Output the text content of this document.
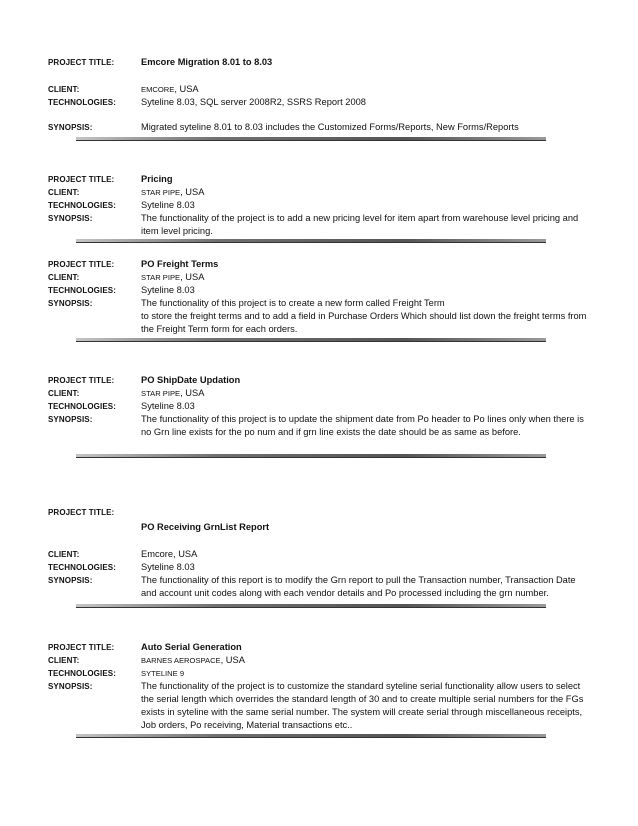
PROJECT TITLE:	Emcore Migration 8.01 to 8.03
CLIENT:	EMCORE, USA
TECHNOLOGIES:	Syteline 8.03, SQL server 2008R2, SSRS Report 2008
SYNOPSIS:	Migrated syteline 8.01 to 8.03 includes the Customized Forms/Reports, New Forms/Reports
PROJECT TITLE:	Pricing
CLIENT:	STAR PIPE, USA
TECHNOLOGIES:	Syteline 8.03
SYNOPSIS:	The functionality of the project is to add a new pricing level for item apart from warehouse level pricing and item level pricing.
PROJECT TITLE:	PO Freight Terms
CLIENT:	STAR PIPE, USA
TECHNOLOGIES:	Syteline 8.03
SYNOPSIS:	The functionality of this project is to create a new form called Freight Term
to store the freight terms and to add a field in Purchase Orders Which should list down the freight terms from the Freight Term form for each orders.
PROJECT TITLE:	PO ShipDate Updation
CLIENT:	STAR PIPE, USA
TECHNOLOGIES:	Syteline 8.03
SYNOPSIS:	The functionality of this project is to update the shipment date from Po header to Po lines only when there is no Grn line exists for the po num and if grn line exists the date should be as same as before.
PROJECT TITLE:
PO Receiving GrnList Report
CLIENT:	Emcore, USA
TECHNOLOGIES:	Syteline 8.03
SYNOPSIS:	The functionality of this report is to modify the Grn report to pull the Transaction number, Transaction Date and account unit codes along with each vendor details and Po processed including the grn number.
PROJECT TITLE:	Auto Serial Generation
CLIENT:	BARNES AEROSPACE, USA
TECHNOLOGIES:	SYTELINE 9
SYNOPSIS:	The functionality of the project is to customize the standard syteline serial functionality allow users to select the serial length which overrides the standard length of 30 and to create multiple serial numbers for the FGs exists in syteline with the same serial number. The system will create serial through miscellaneous receipts, Job orders, Po receiving, Material transactions etc..
